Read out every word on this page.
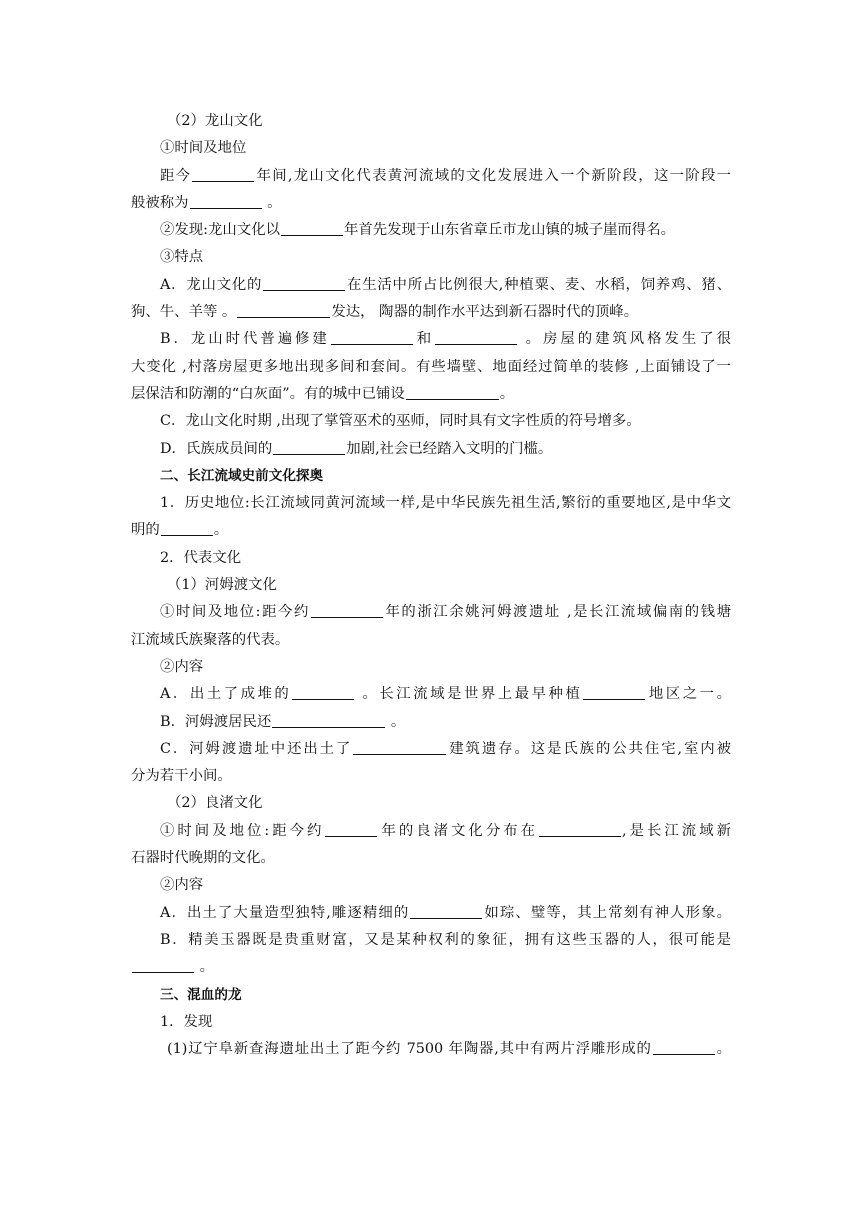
（2）龙山文化
①时间及地位
距今	年间,龙山文化代表黄河流域的文化发展进入一个新阶段，这一阶段一
般被称为	。
②发现:龙山文化以	年首先发现于山东省章丘市龙山镇的城子崖而得名。
③特点
A．龙山文化的	在生活中所占比例很大,种植粟、麦、水稻，饲养鸡、猪、
狗、牛、羊等 。	发达， 陶器的制作水平达到新石器时代的顶峰。
B．龙山时代普遍修建	和	。房屋的建筑风格发生了很
大变化 ,村落房屋更多地出现多间和套间。有些墙壁、地面经过简单的装修 ,上面铺设了一
层保洁和防潮的“白灰面”。有的城中已铺设	。
C．龙山文化时期 ,出现了掌管巫术的巫师，同时具有文字性质的符号增多。
D．氏族成员间的	加剧,社会已经踏入文明的门槛。
二、长江流域史前文化探奥
1．历史地位:长江流域同黄河流域一样,是中华民族先祖生活,繁衍的重要地区,是中华文
明的	。
2．代表文化
（1）河姆渡文化
①时间及地位:距今约	年的浙江余姚河姆渡遗址 ,是长江流域偏南的钱塘
江流域氏族聚落的代表。
②内容
A．出土了成堆的	。长江流域是世界上最早种植	地区之一。
B．河姆渡居民还	。
C．河姆渡遗址中还出土了	建筑遗存。这是氏族的公共住宅,室内被
分为若干小间。
（2）良渚文化
①时间及地位:距今约	年的良渚文化分布在	,是长江流域新
石器时代晚期的文化。
②内容
A．出土了大量造型独特,雕逐精细的	如琮、璧等，其上常刻有神人形象。
B．精美玉器既是贵重财富，又是某种权利的象征，拥有这些玉器的人，很可能是
。
三、混血的龙
1．发现
(1)辽宁阜新查海遗址出土了距今约 7500 年陶器,其中有两片浮雕形成的	。
